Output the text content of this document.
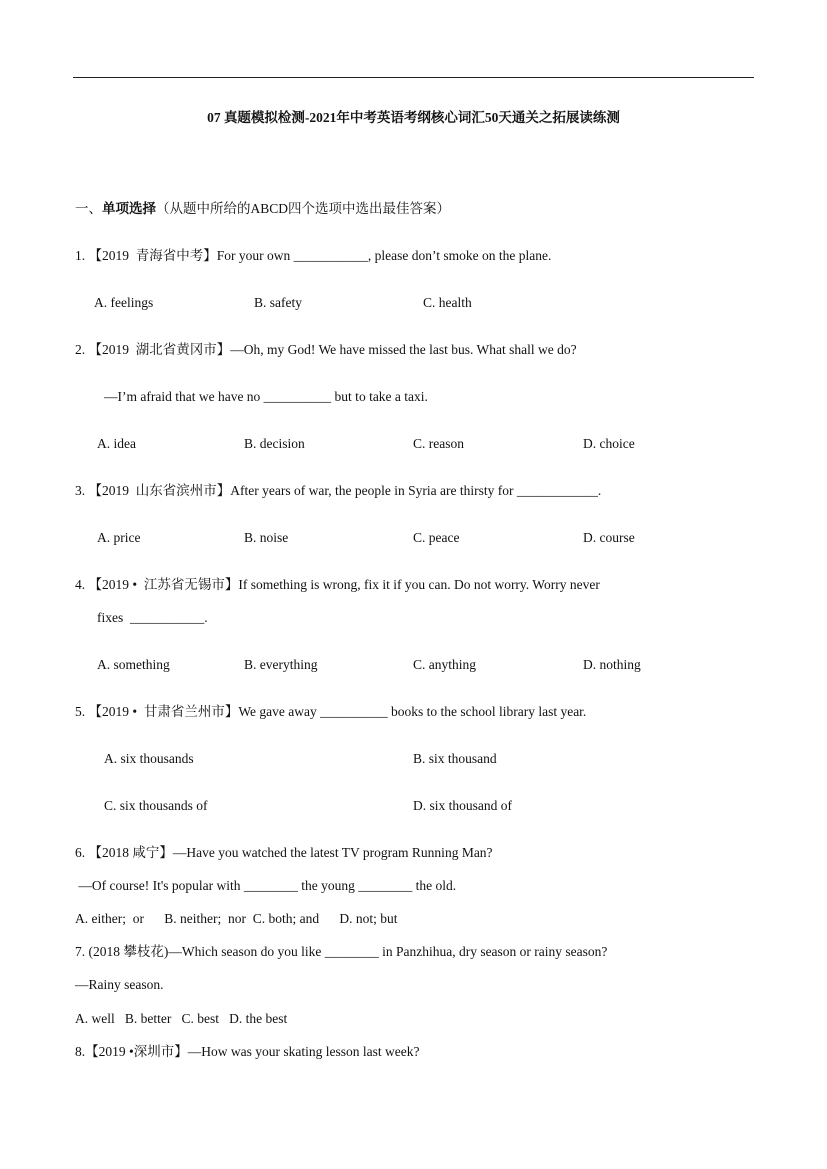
07 真题模拟检测-2021年中考英语考纲核心词汇50天通关之拓展读练测
一、单项选择（从题中所给的ABCD四个选项中选出最佳答案）
1. 【2019  青海省中考】For your own ___________, please don’t smoke on the plane.
A. feelings	B. safety	C. health
2. 【2019  湖北省黄冈市】—Oh, my God! We have missed the last bus. What shall we do?
—I’m afraid that we have no __________ but to take a taxi.
A. idea	B. decision	C. reason	D. choice
3. 【2019  山东省滨州市】After years of war, the people in Syria are thirsty for ____________.
A. price	B. noise	C. peace	D. course
4. 【2019 •  江苏省无锡市】If something is wrong, fix it if you can. Do not worry. Worry never
fixes  ___________.
A. something	B. everything	C. anything	D. nothing
5. 【2019 •  甘肃省兰州市】We gave away __________ books to the school library last year.
A. six thousands	B. six thousand
C. six thousands of	D. six thousand of
6. 【2018 咸宁】—Have you watched the latest TV program Running Man?
—Of course! It's popular with ________ the young ________ the old.
A. either;  or      B. neither;  nor  C. both; and      D. not; but
7. (2018 攀枝花)—Which season do you like ________ in Panzhihua, dry season or rainy season?
—Rainy season.
A. well   B. better   C. best   D. the best
8.【2019 •深圳市】—How was your skating lesson last week?
